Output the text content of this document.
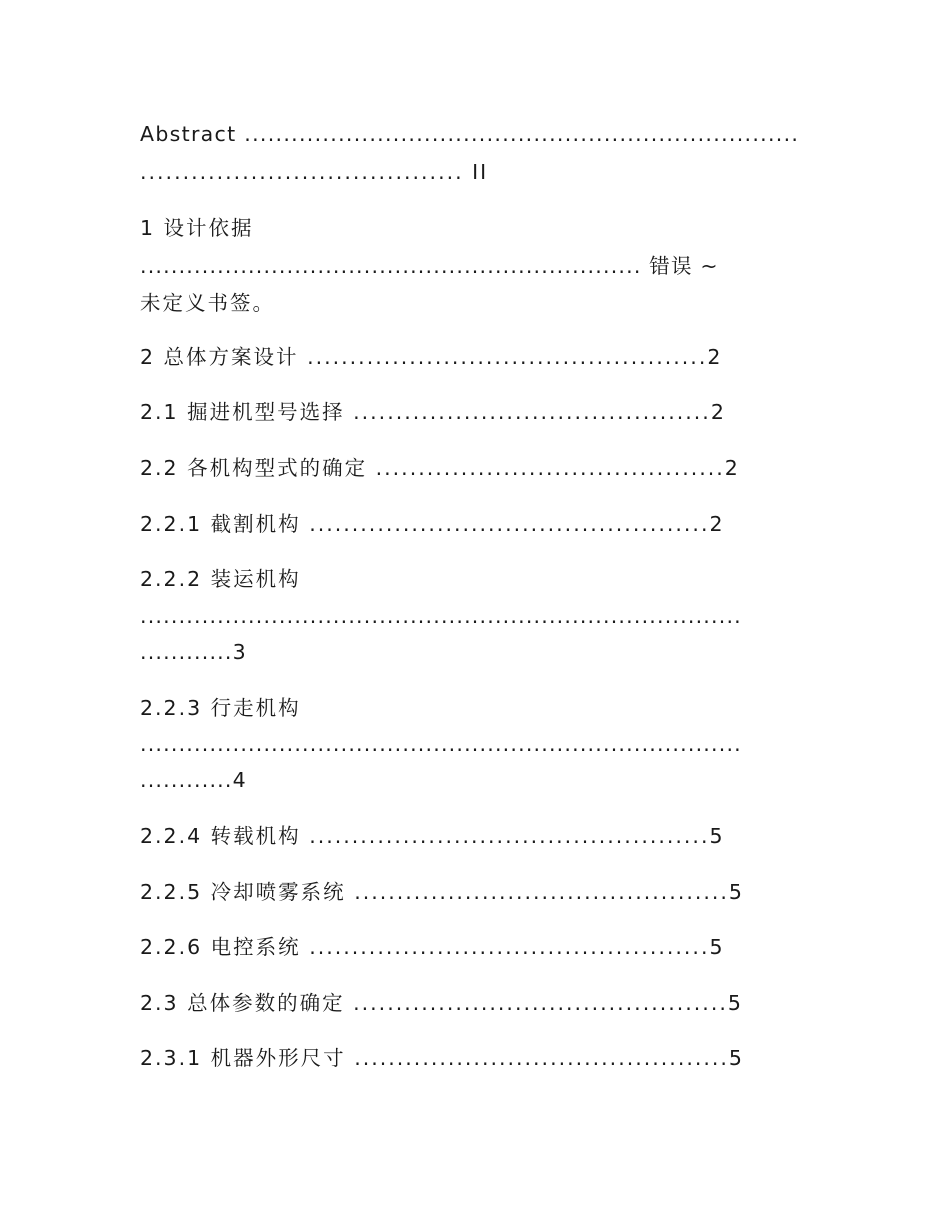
Abstract .......................................................................
...................................... II
1 设计依据
................................................................. 错误 ~
未定义书签。
2 总体方案设计 ...............................................2
2.1 掘进机型号选择 ..........................................2
2.2 各机构型式的确定 .........................................2
2.2.1 截割机构 ...............................................2
2.2.2 装运机构
..............................................................................
............3
2.2.3 行走机构
..............................................................................
............4
2.2.4 转载机构 ...............................................5
2.2.5 冷却喷雾系统 ............................................5
2.2.6 电控系统 ...............................................5
2.3 总体参数的确定 ............................................5
2.3.1 机器外形尺寸 ............................................5
